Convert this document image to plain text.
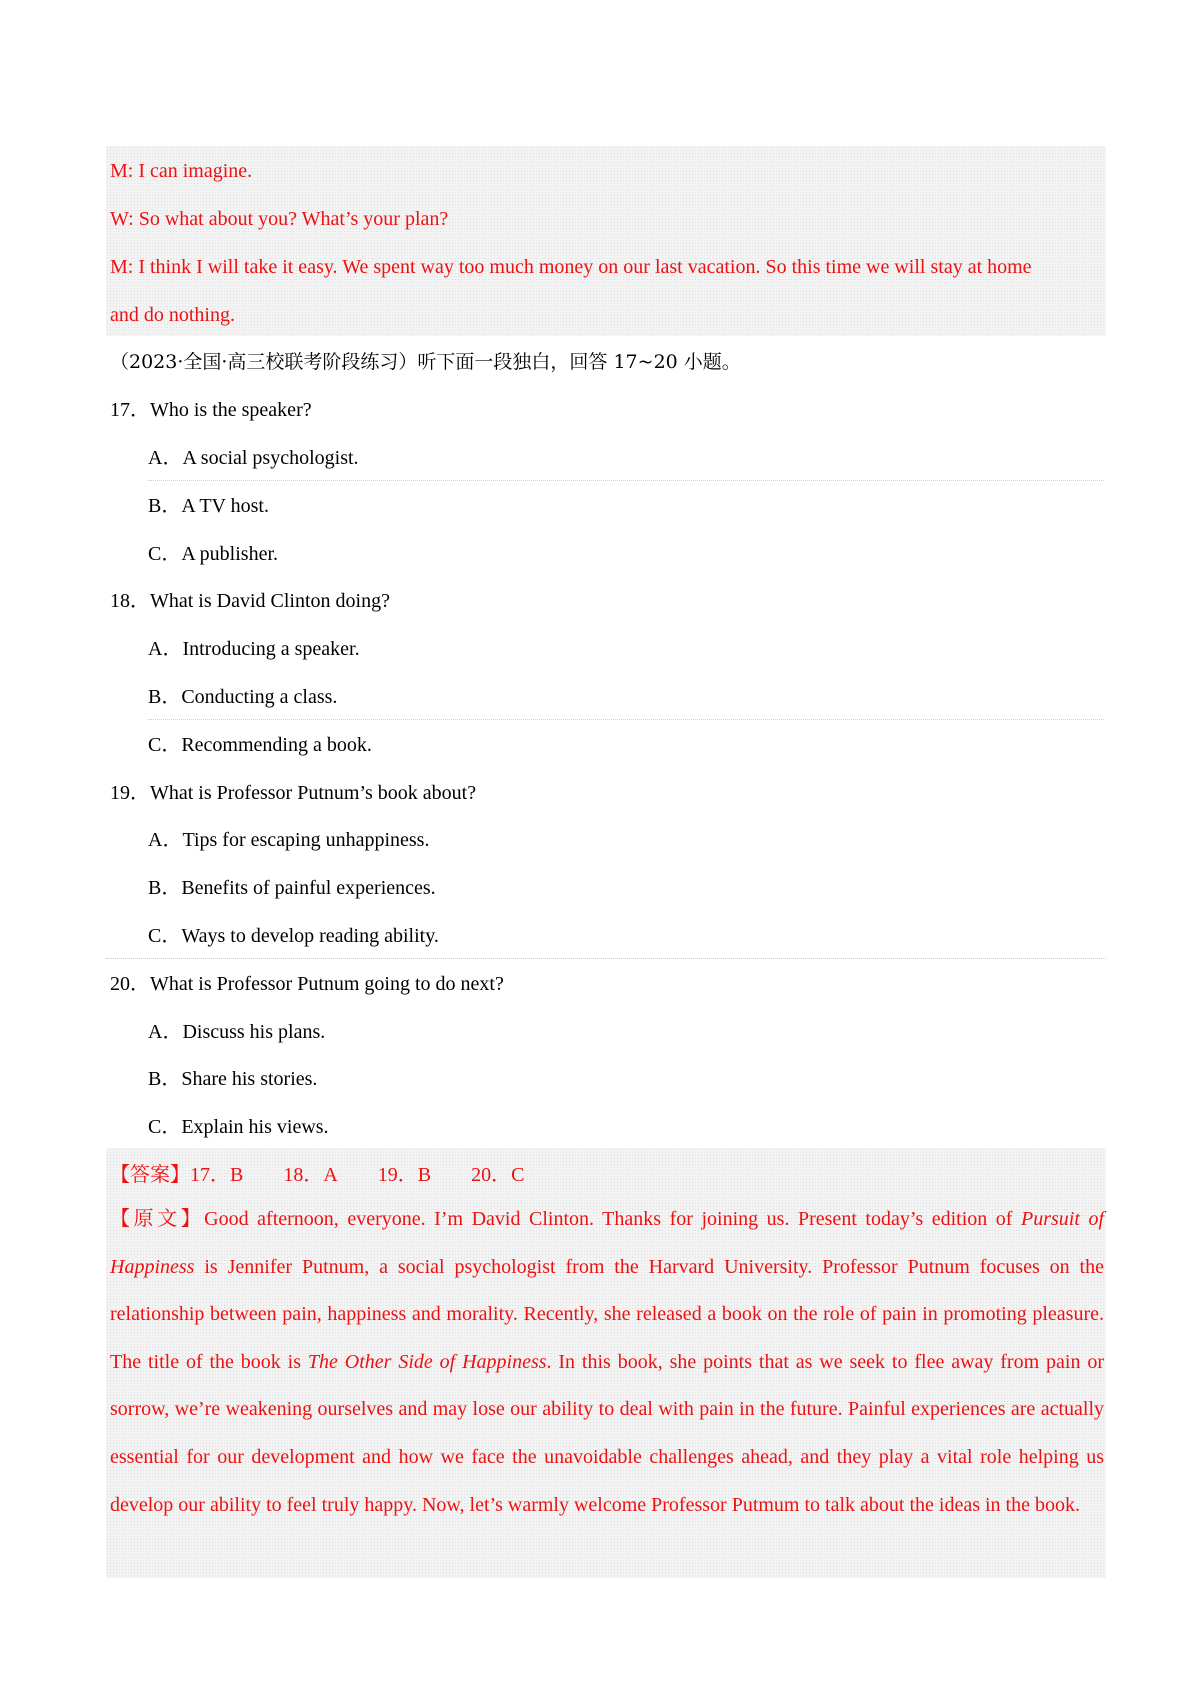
M: I can imagine.
W: So what about you? What’s your plan?
M: I think I will take it easy. We spent way too much money on our last vacation. So this time we will stay at home
and do nothing.
（2023·全国·高三校联考阶段练习）听下面一段独白，回答 17~20 小题。
17．Who is the speaker?
A．A social psychologist.
B．A TV host.
C．A publisher.
18．What is David Clinton doing?
A．Introducing a speaker.
B．Conducting a class.
C．Recommending a book.
19．What is Professor Putnum’s book about?
A．Tips for escaping unhappiness.
B．Benefits of painful experiences.
C．Ways to develop reading ability.
20．What is Professor Putnum going to do next?
A．Discuss his plans.
B．Share his stories.
C．Explain his views.
【答案】17．B 18．A 19．B 20．C
【原文】Good afternoon, everyone. I’m David Clinton. Thanks for joining us. Present today’s edition of Pursuit of Happiness is Jennifer Putnum, a social psychologist from the Harvard University. Professor Putnum focuses on the relationship between pain, happiness and morality. Recently, she released a book on the role of pain in promoting pleasure. The title of the book is The Other Side of Happiness. In this book, she points that as we seek to flee away from pain or sorrow, we’re weakening ourselves and may lose our ability to deal with pain in the future. Painful experiences are actually essential for our development and how we face the unavoidable challenges ahead, and they play a vital role helping us develop our ability to feel truly happy. Now, let’s warmly welcome Professor Putmum to talk about the ideas in the book.
